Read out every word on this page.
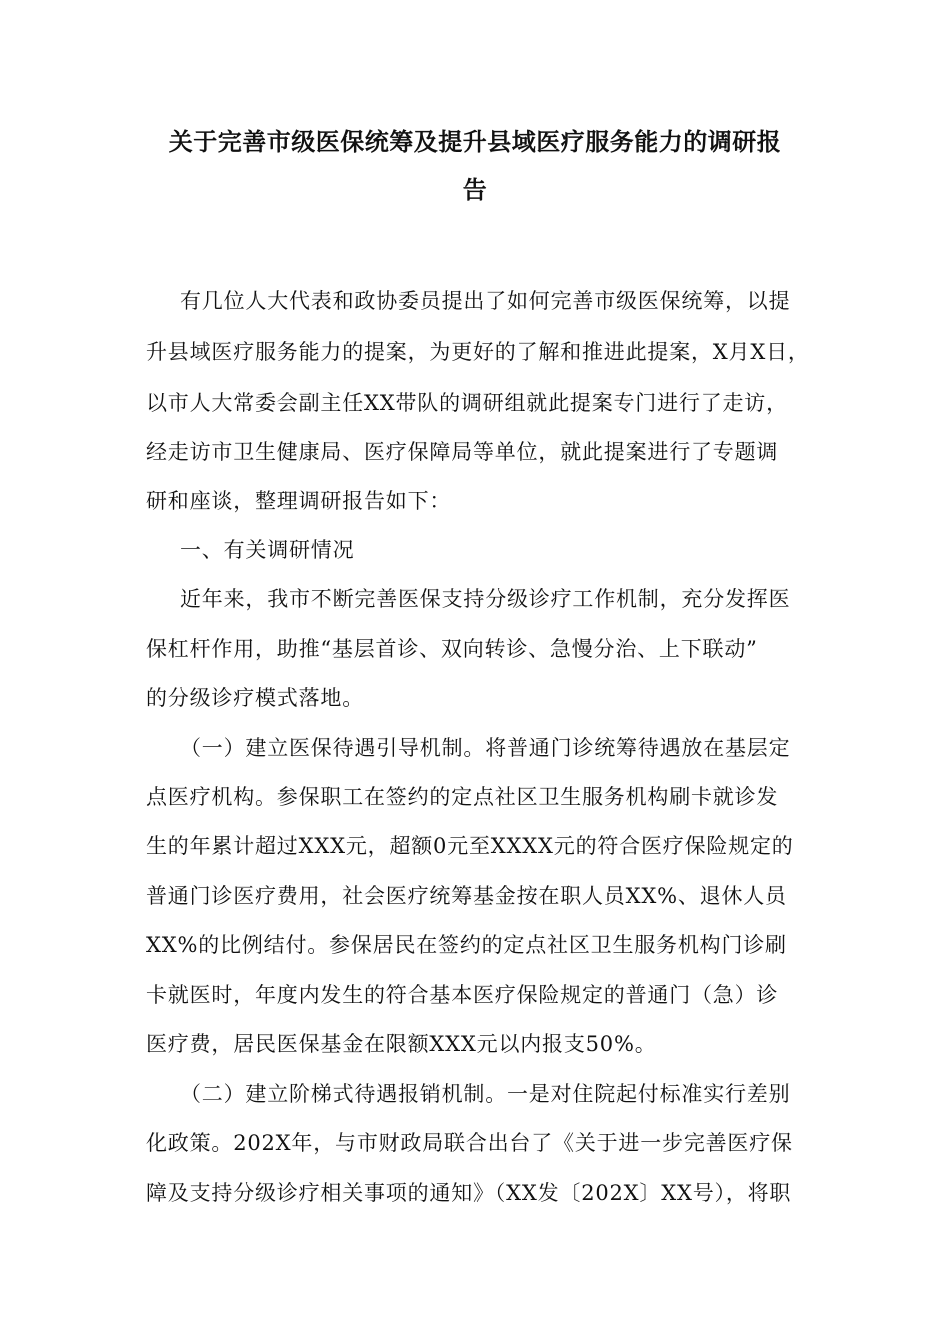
关于完善市级医保统筹及提升县域医疗服务能力的调研报
告
有几位人大代表和政协委员提出了如何完善市级医保统筹，以提
升县域医疗服务能力的提案，为更好的了解和推进此提案，X月X日，
以市人大常委会副主任XX带队的调研组就此提案专门进行了走访，
经走访市卫生健康局、医疗保障局等单位，就此提案进行了专题调
研和座谈，整理调研报告如下：
一、有关调研情况
近年来，我市不断完善医保支持分级诊疗工作机制，充分发挥医
保杠杆作用，助推“基层首诊、双向转诊、急慢分治、上下联动”
的分级诊疗模式落地。
（一）建立医保待遇引导机制。将普通门诊统筹待遇放在基层定
点医疗机构。参保职工在签约的定点社区卫生服务机构刷卡就诊发
生的年累计超过XXX元，超额0元至XXXX元的符合医疗保险规定的
普通门诊医疗费用，社会医疗统筹基金按在职人员XX%、退休人员
XX%的比例结付。参保居民在签约的定点社区卫生服务机构门诊刷
卡就医时，年度内发生的符合基本医疗保险规定的普通门（急）诊
医疗费，居民医保基金在限额XXX元以内报支50%。
（二）建立阶梯式待遇报销机制。一是对住院起付标准实行差别
化政策。202X年，与市财政局联合出台了《关于进一步完善医疗保
障及支持分级诊疗相关事项的通知》（XX发〔202X〕XX号），将职
